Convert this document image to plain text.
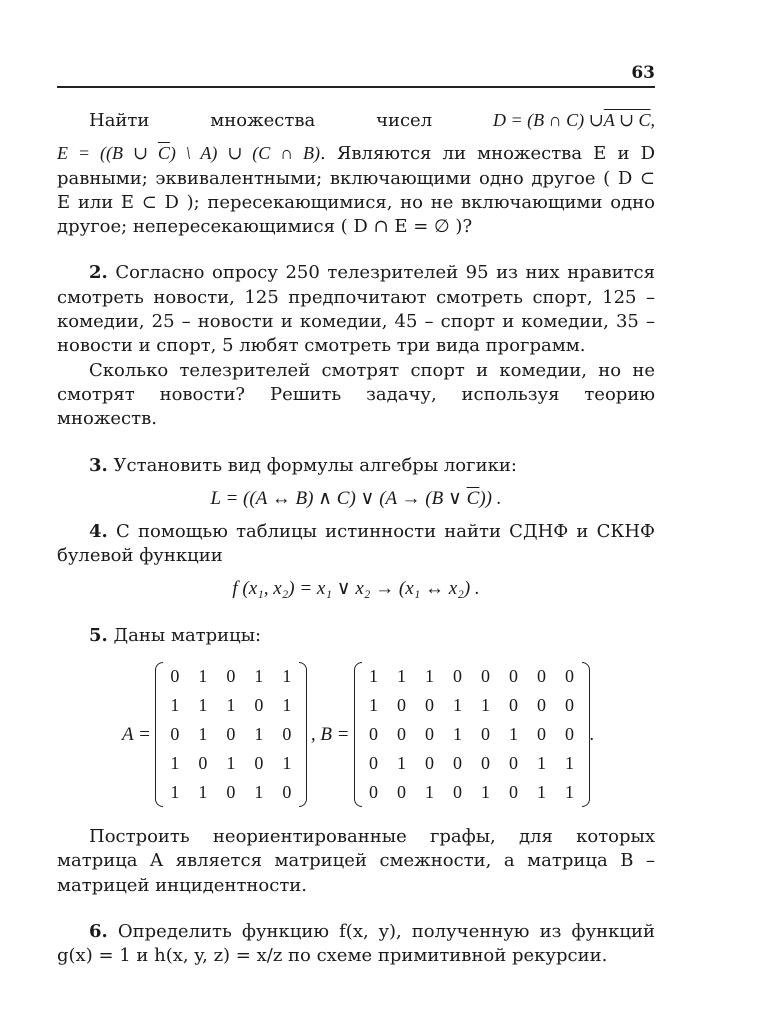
63
Найти	множества	чисел	D = (B ∩ C) ∪A ∪ C,

E = ((B ∪ $\overline{C}$) \ A) ∪ (C ∩ B). Являются ли множества E и D равными; эквивалентными; включающими одно другое ( D ⊂ E или E ⊂ D ); пересекающимися, но не включающими одно другое; непересекающимися ( D ∩ E = ∅ )?

2. Согласно опросу 250 телезрителей 95 из них нравится смотреть новости, 125 предпочитают смотреть спорт, 125 – комедии, 25 – новости и комедии, 45 – спорт и комедии, 35 – новости и спорт, 5 любят смотреть три вида программ.

Сколько телезрителей смотрят спорт и комедии, но не смотрят новости? Решить задачу, используя теорию множеств.

3. Установить вид формулы алгебры логики:

L = ((A ↔ B) ∧ C) ∨ (A → (B ∨ $\overline{C}$)) .

4. С помощью таблицы истинности найти СДНФ и СКНФ булевой функции

f (x₁, x₂) = x₁ ∨ x₂ → (x₁ ↔ x₂) .

5. Даны матрицы:

A =
0	1	0	1	1
1	1	1	0	1
0	1	0	1	0
1	0	1	0	1
1	1	0	1	0
, B =
1	1	1	0	0	0	0	0
1	0	0	1	1	0	0	0
0	0	0	1	0	1	0	0
0	1	0	0	0	0	1	1
0	0	1	0	1	0	1	1
.

Построить неориентированные графы, для которых матрица A является матрицей смежности, а матрица B – матрицей инцидентности.

6. Определить функцию f(x, y), полученную из функций g(x) = 1 и h(x, y, z) = x/z по схеме примитивной рекурсии.
